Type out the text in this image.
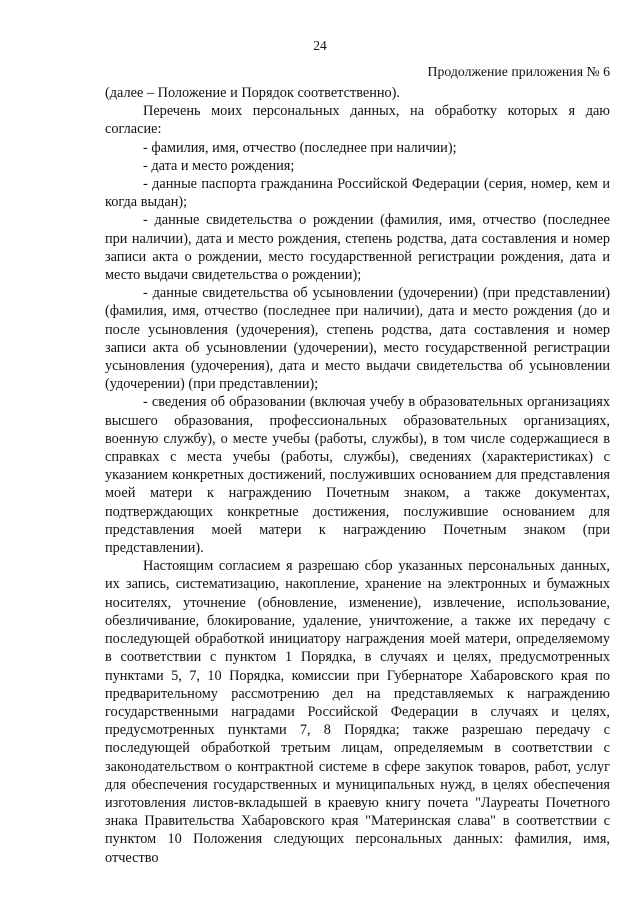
24
Продолжение приложения № 6

(далее – Положение и Порядок соответственно).

Перечень моих персональных данных, на обработку которых я даю согласие:

- фамилия, имя, отчество (последнее при наличии);

- дата и место рождения;

- данные паспорта гражданина Российской Федерации (серия, номер, кем и когда выдан);

- данные свидетельства о рождении (фамилия, имя, отчество (последнее при наличии), дата и место рождения, степень родства, дата составления и номер записи акта о рождении, место государственной регистрации рождения, дата и место выдачи свидетельства о рождении);

- данные свидетельства об усыновлении (удочерении) (при представлении) (фамилия, имя, отчество (последнее при наличии), дата и место рождения (до и после усыновления (удочерения), степень родства, дата составления и номер записи акта об усыновлении (удочерении), место государственной регистрации усыновления (удочерения), дата и место выдачи свидетельства об усыновлении (удочерении) (при представлении);

- сведения об образовании (включая учебу в образовательных организациях высшего образования, профессиональных образовательных организациях, военную службу), о месте учебы (работы, службы), в том числе содержащиеся в справках с места учебы (работы, службы), сведениях (характеристиках) с указанием конкретных достижений, послуживших основанием для представления моей матери к награждению Почетным знаком, а также документах, подтверждающих конкретные достижения, послужившие основанием для представления моей матери к награждению Почетным знаком (при представлении).

Настоящим согласием я разрешаю сбор указанных персональных данных, их запись, систематизацию, накопление, хранение на электронных и бумажных носителях, уточнение (обновление, изменение), извлечение, использование, обезличивание, блокирование, удаление, уничтожение, а также их передачу с последующей обработкой инициатору награждения моей матери, определяемому в соответствии с пунктом 1 Порядка, в случаях и целях, предусмотренных пунктами 5, 7, 10 Порядка, комиссии при Губернаторе Хабаровского края по предварительному рассмотрению дел на представляемых к награждению государственными наградами Российской Федерации в случаях и целях, предусмотренных пунктами 7, 8 Порядка; также разрешаю передачу с последующей обработкой третьим лицам, определяемым в соответствии с законодательством о контрактной системе в сфере закупок товаров, работ, услуг для обеспечения государственных и муниципальных нужд, в целях обеспечения изготовления листов-вкладышей в краевую книгу почета "Лауреаты Почетного знака Правительства Хабаровского края "Материнская слава" в соответствии с пунктом 10 Положения следующих персональных данных: фамилия, имя, отчество
